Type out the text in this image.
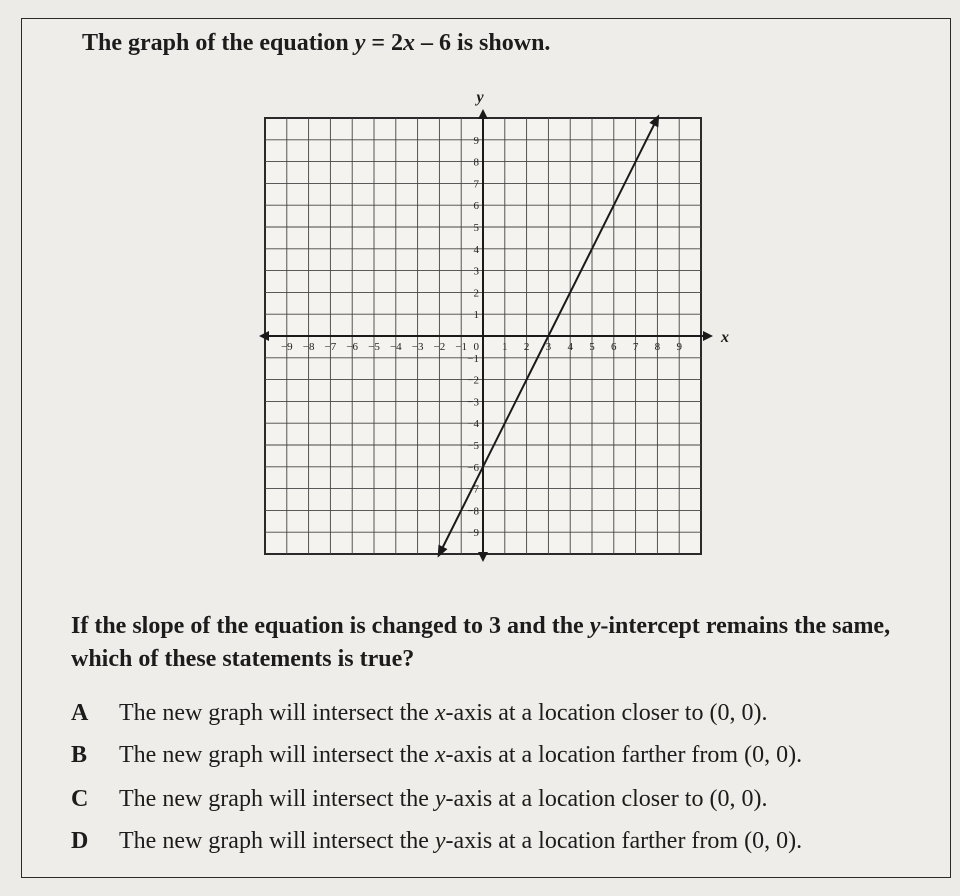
The graph of the equation y = 2x – 6 is shown.
x
y
−9 −8 −7 −6 −5 −4 −3 −2 −1	1 2 3 4 5 6 7 8 9
9
8
7
6
5
4
3
2
1
−1
−2
−3
−4
−5
−6
−7
−8
−9
0
If the slope of the equation is changed to 3 and the y-intercept remains the same, which of these statements is true?
A The new graph will intersect the x-axis at a location closer to (0, 0).
B The new graph will intersect the x-axis at a location farther from (0, 0).
C The new graph will intersect the y-axis at a location closer to (0, 0).
D The new graph will intersect the y-axis at a location farther from (0, 0).
